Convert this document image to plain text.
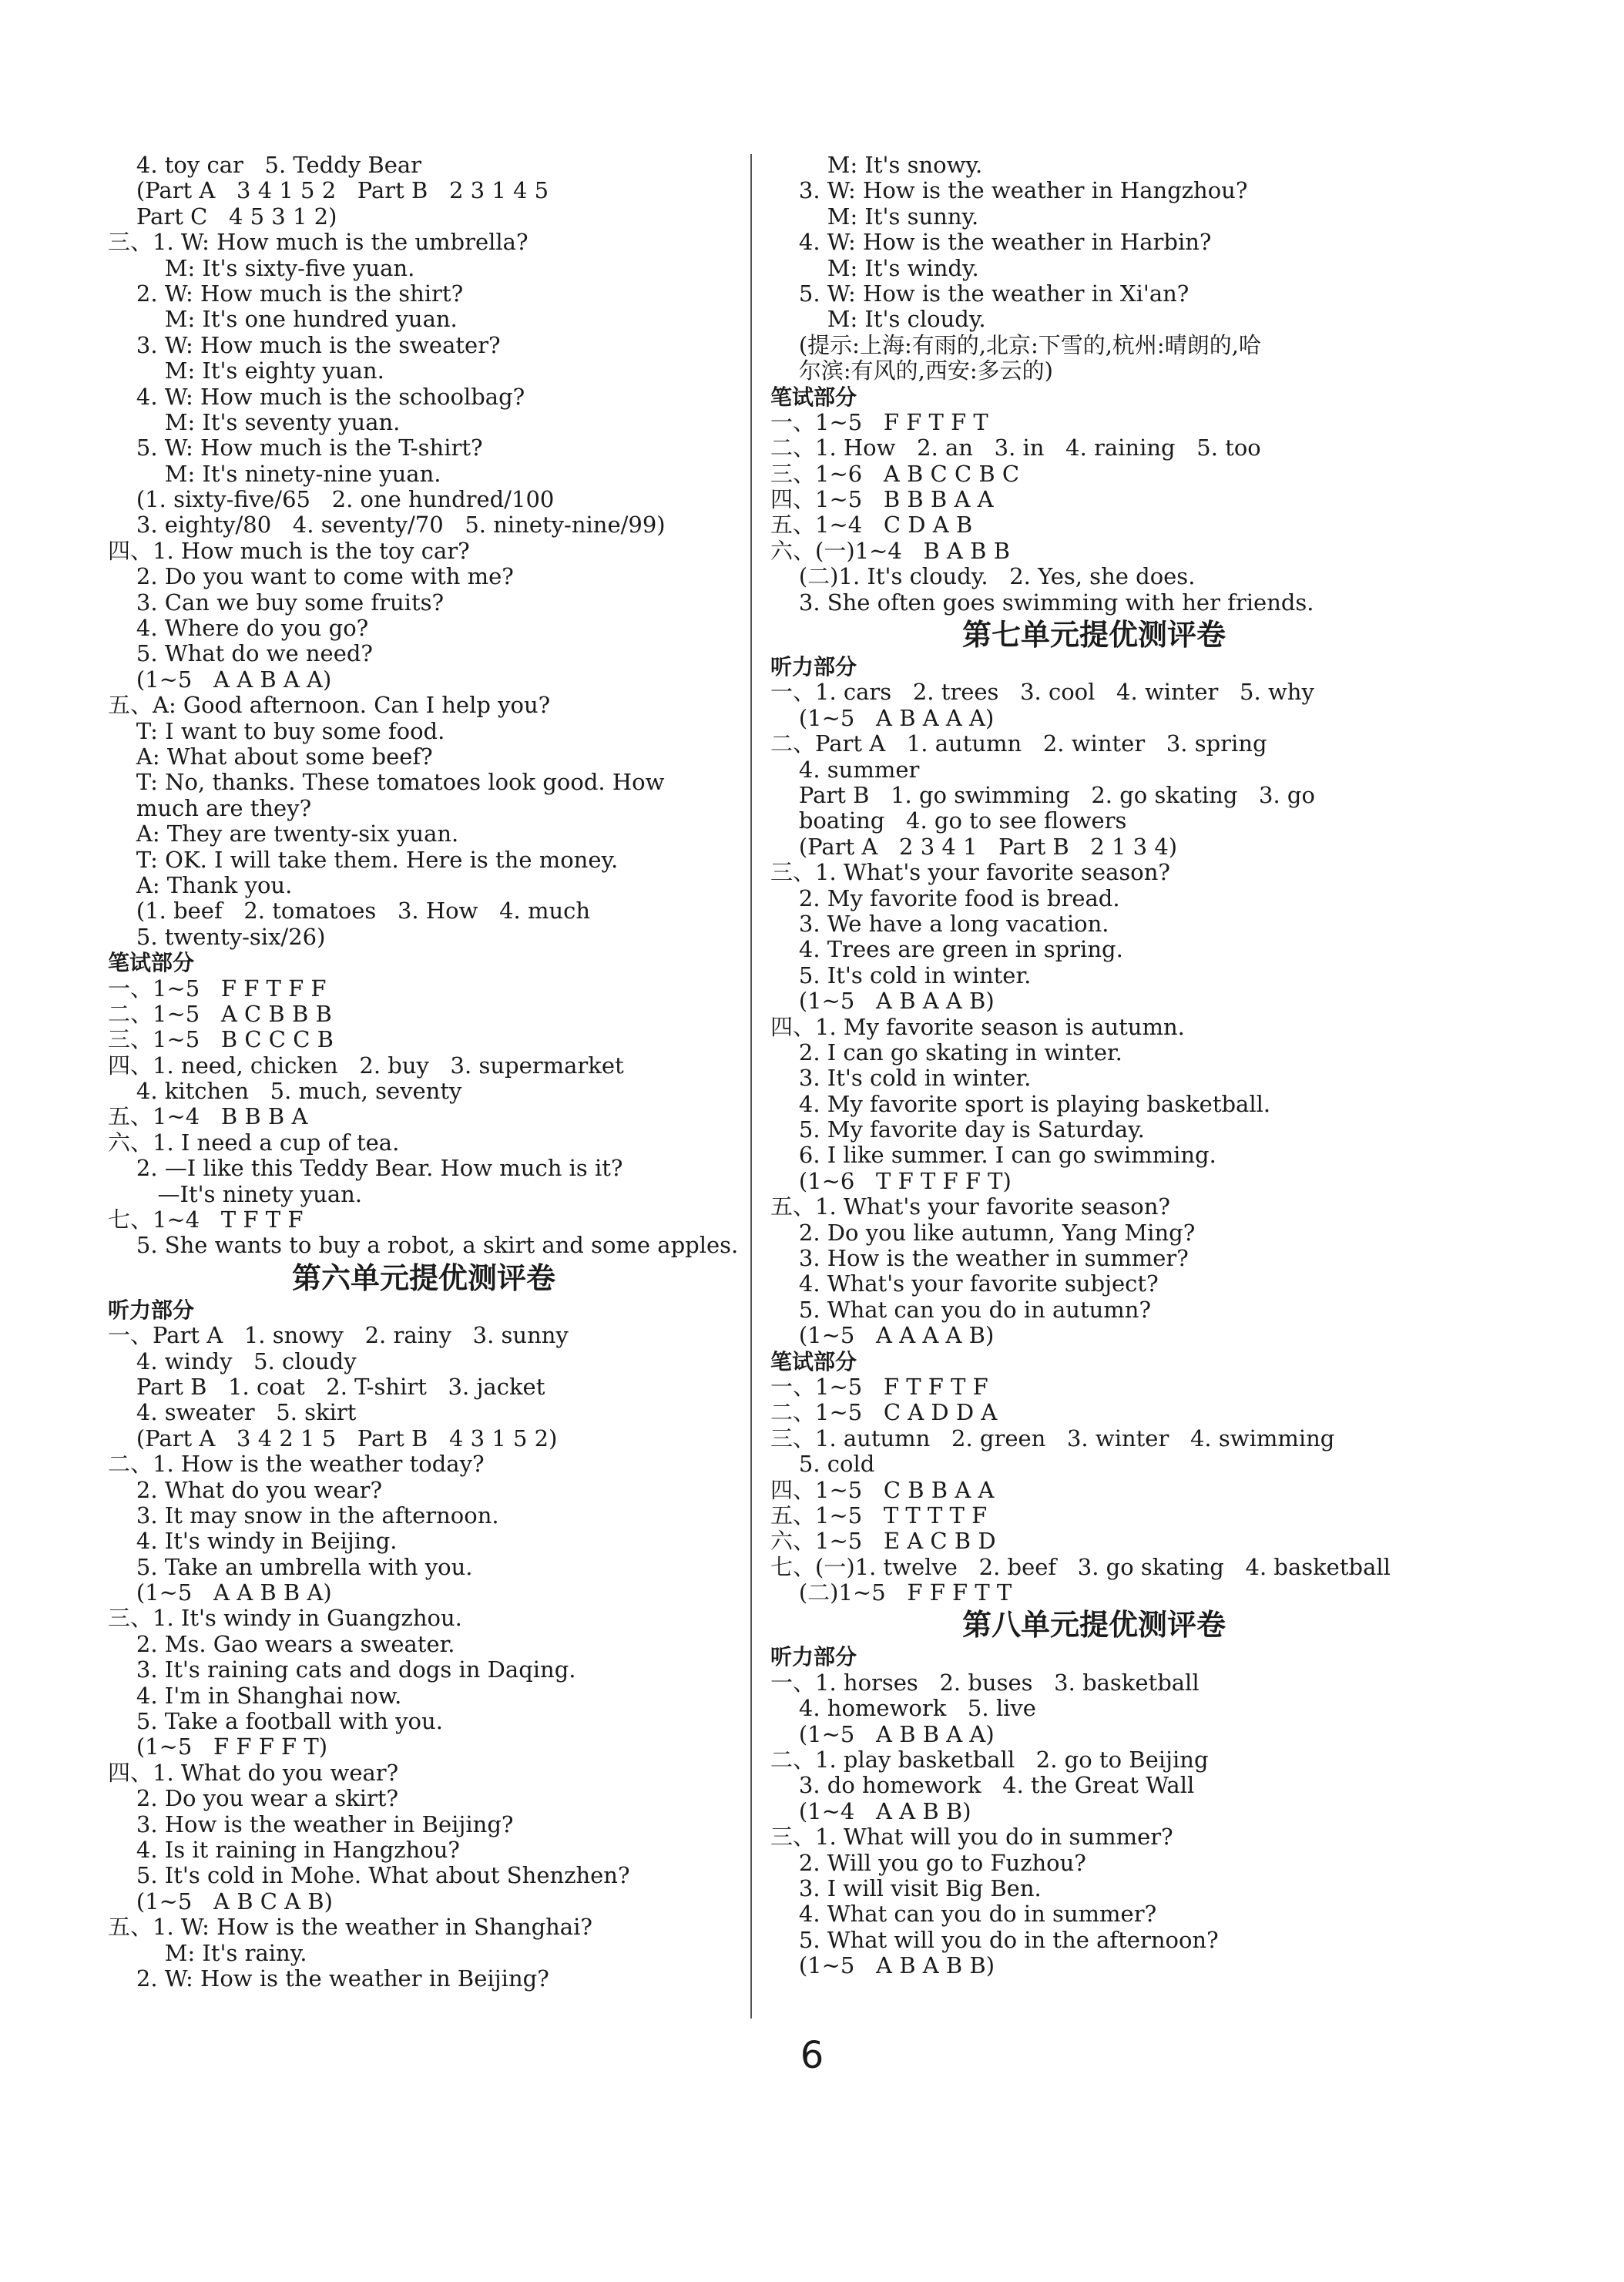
4. toy car   5. Teddy Bear
(Part A   3 4 1 5 2   Part B   2 3 1 4 5
Part C   4 5 3 1 2)
三、1. W: How much is the umbrella?
M: It's sixty-five yuan.
2. W: How much is the shirt?
M: It's one hundred yuan.
3. W: How much is the sweater?
M: It's eighty yuan.
4. W: How much is the schoolbag?
M: It's seventy yuan.
5. W: How much is the T-shirt?
M: It's ninety-nine yuan.
(1. sixty-five/65   2. one hundred/100
3. eighty/80   4. seventy/70   5. ninety-nine/99)
四、1. How much is the toy car?
2. Do you want to come with me?
3. Can we buy some fruits?
4. Where do you go?
5. What do we need?
(1~5   A A B A A)
五、A: Good afternoon. Can I help you?
T: I want to buy some food.
A: What about some beef?
T: No, thanks. These tomatoes look good. How
much are they?
A: They are twenty-six yuan.
T: OK. I will take them. Here is the money.
A: Thank you.
(1. beef   2. tomatoes   3. How   4. much
5. twenty-six/26)
笔试部分
一、1~5   F F T F F
二、1~5   A C B B B
三、1~5   B C C C B
四、1. need, chicken   2. buy   3. supermarket
4. kitchen   5. much, seventy
五、1~4   B B B A
六、1. I need a cup of tea.
2. —I like this Teddy Bear. How much is it?
—It's ninety yuan.
七、1~4   T F T F
5. She wants to buy a robot, a skirt and some apples.
第六单元提优测评卷
听力部分
一、Part A   1. snowy   2. rainy   3. sunny
4. windy   5. cloudy
Part B   1. coat   2. T-shirt   3. jacket
4. sweater   5. skirt
(Part A   3 4 2 1 5   Part B   4 3 1 5 2)
二、1. How is the weather today?
2. What do you wear?
3. It may snow in the afternoon.
4. It's windy in Beijing.
5. Take an umbrella with you.
(1~5   A A B B A)
三、1. It's windy in Guangzhou.
2. Ms. Gao wears a sweater.
3. It's raining cats and dogs in Daqing.
4. I'm in Shanghai now.
5. Take a football with you.
(1~5   F F F F T)
四、1. What do you wear?
2. Do you wear a skirt?
3. How is the weather in Beijing?
4. Is it raining in Hangzhou?
5. It's cold in Mohe. What about Shenzhen?
(1~5   A B C A B)
五、1. W: How is the weather in Shanghai?
M: It's rainy.
2. W: How is the weather in Beijing?
M: It's snowy.
3. W: How is the weather in Hangzhou?
M: It's sunny.
4. W: How is the weather in Harbin?
M: It's windy.
5. W: How is the weather in Xi'an?
M: It's cloudy.
(提示:上海:有雨的,北京:下雪的,杭州:晴朗的,哈
尔滨:有风的,西安:多云的)
笔试部分
一、1~5   F F T F T
二、1. How   2. an   3. in   4. raining   5. too
三、1~6   A B C C B C
四、1~5   B B B A A
五、1~4   C D A B
六、(一)1~4   B A B B
(二)1. It's cloudy.   2. Yes, she does.
3. She often goes swimming with her friends.
第七单元提优测评卷
听力部分
一、1. cars   2. trees   3. cool   4. winter   5. why
(1~5   A B A A A)
二、Part A   1. autumn   2. winter   3. spring
4. summer
Part B   1. go swimming   2. go skating   3. go
boating   4. go to see flowers
(Part A   2 3 4 1   Part B   2 1 3 4)
三、1. What's your favorite season?
2. My favorite food is bread.
3. We have a long vacation.
4. Trees are green in spring.
5. It's cold in winter.
(1~5   A B A A B)
四、1. My favorite season is autumn.
2. I can go skating in winter.
3. It's cold in winter.
4. My favorite sport is playing basketball.
5. My favorite day is Saturday.
6. I like summer. I can go swimming.
(1~6   T F T F F T)
五、1. What's your favorite season?
2. Do you like autumn, Yang Ming?
3. How is the weather in summer?
4. What's your favorite subject?
5. What can you do in autumn?
(1~5   A A A A B)
笔试部分
一、1~5   F T F T F
二、1~5   C A D D A
三、1. autumn   2. green   3. winter   4. swimming
5. cold
四、1~5   C B B A A
五、1~5   T T T T F
六、1~5   E A C B D
七、(一)1. twelve   2. beef   3. go skating   4. basketball
(二)1~5   F F F T T
第八单元提优测评卷
听力部分
一、1. horses   2. buses   3. basketball
4. homework   5. live
(1~5   A B B A A)
二、1. play basketball   2. go to Beijing
3. do homework   4. the Great Wall
(1~4   A A B B)
三、1. What will you do in summer?
2. Will you go to Fuzhou?
3. I will visit Big Ben.
4. What can you do in summer?
5. What will you do in the afternoon?
(1~5   A B A B B)
6
